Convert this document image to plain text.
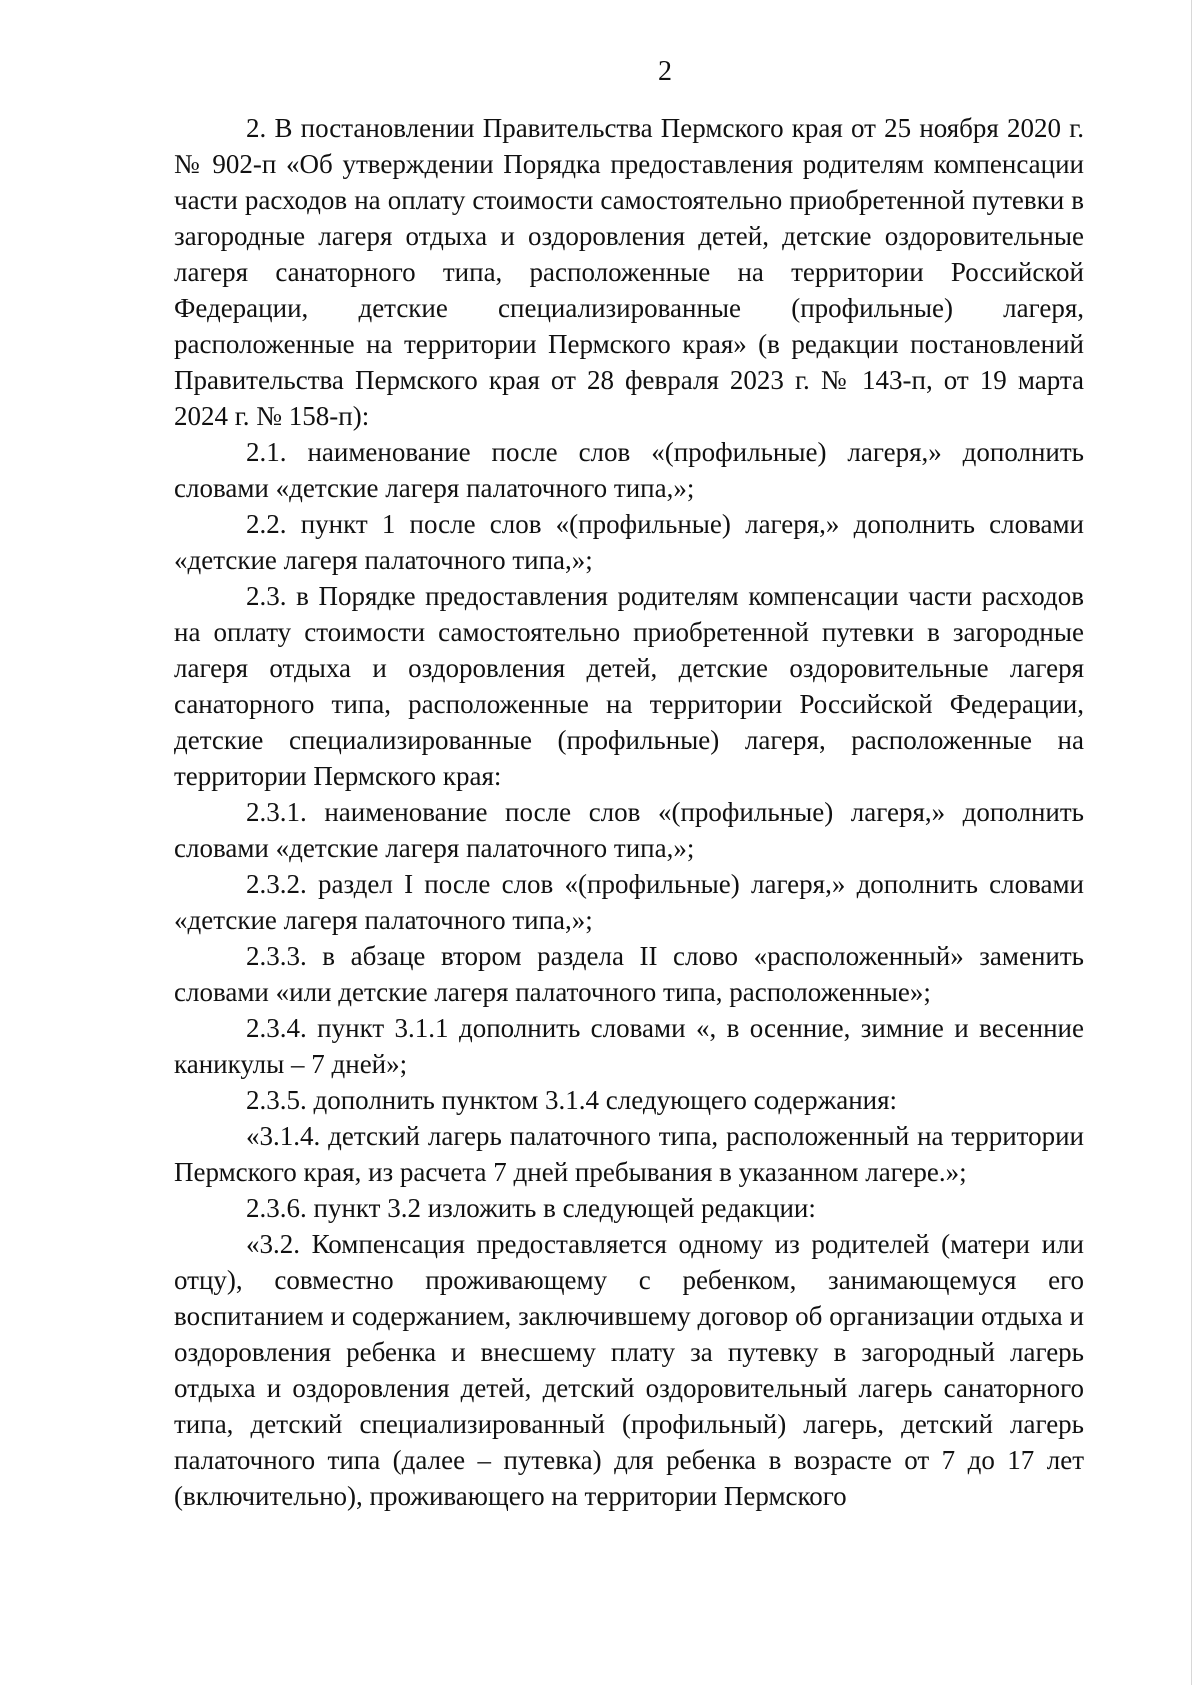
2

2. В постановлении Правительства Пермского края от 25 ноября 2020 г. № 902-п «Об утверждении Порядка предоставления родителям компенсации части расходов на оплату стоимости самостоятельно приобретенной путевки в загородные лагеря отдыха и оздоровления детей, детские оздоровительные лагеря санаторного типа, расположенные на территории Российской Федерации, детские специализированные (профильные) лагеря, расположенные на территории Пермского края» (в редакции постановлений Правительства Пермского края от 28 февраля 2023 г. № 143-п, от 19 марта 2024 г. № 158-п):

2.1. наименование после слов «(профильные) лагеря,» дополнить словами «детские лагеря палаточного типа,»;

2.2. пункт 1 после слов «(профильные) лагеря,» дополнить словами «детские лагеря палаточного типа,»;

2.3. в Порядке предоставления родителям компенсации части расходов на оплату стоимости самостоятельно приобретенной путевки в загородные лагеря отдыха и оздоровления детей, детские оздоровительные лагеря санаторного типа, расположенные на территории Российской Федерации, детские специализированные (профильные) лагеря, расположенные на территории Пермского края:

2.3.1. наименование после слов «(профильные) лагеря,» дополнить словами «детские лагеря палаточного типа,»;

2.3.2. раздел I после слов «(профильные) лагеря,» дополнить словами «детские лагеря палаточного типа,»;

2.3.3. в абзаце втором раздела II слово «расположенный» заменить словами «или детские лагеря палаточного типа, расположенные»;

2.3.4. пункт 3.1.1 дополнить словами «, в осенние, зимние и весенние каникулы – 7 дней»;

2.3.5. дополнить пунктом 3.1.4 следующего содержания:

«3.1.4. детский лагерь палаточного типа, расположенный на территории Пермского края, из расчета 7 дней пребывания в указанном лагере.»;

2.3.6. пункт 3.2 изложить в следующей редакции:

«3.2. Компенсация предоставляется одному из родителей (матери или отцу), совместно проживающему с ребенком, занимающемуся его воспитанием и содержанием, заключившему договор об организации отдыха и оздоровления ребенка и внесшему плату за путевку в загородный лагерь отдыха и оздоровления детей, детский оздоровительный лагерь санаторного типа, детский специализированный (профильный) лагерь, детский лагерь палаточного типа (далее – путевка) для ребенка в возрасте от 7 до 17 лет (включительно), проживающего на территории Пермского
